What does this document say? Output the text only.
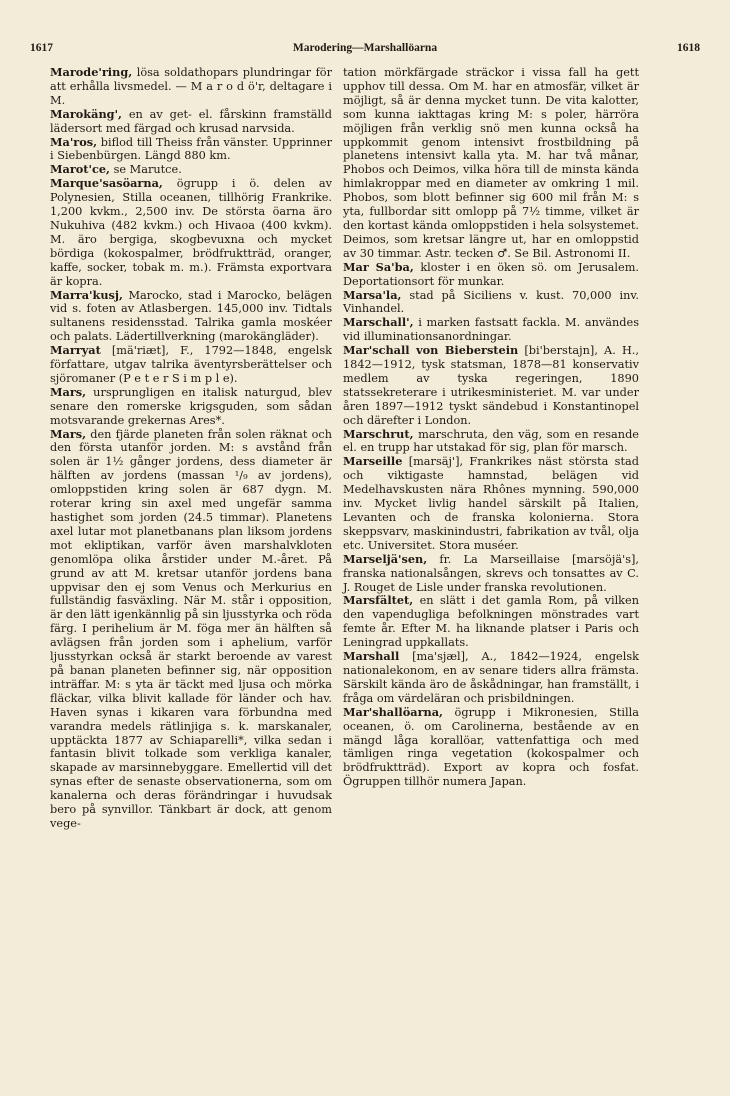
1617	Marodering—Marshallöarna	1618

Marode'ring, lösa soldathopars plundringar för att erhålla livsmedel. — M a r o d ö'r, deltagare i M.

Marokäng', en av get- el. fårskinn framställd lädersort med färgad och krusad narvsida.

Ma'ros, biflod till Theiss från vänster. Upprinner i Siebenbürgen. Längd 880 km.

Marot'ce, se Marutce.

Marque'sasöarna, ögrupp i ö. delen av Polynesien, Stilla oceanen, tillhörig Frankrike. 1,200 kvkm., 2,500 inv. De största öarna äro Nukuhiva (482 kvkm.) och Hivaoa (400 kvkm). M. äro bergiga, skogbevuxna och mycket bördiga (kokospalmer, brödfruktträd, oranger, kaffe, socker, tobak m. m.). Främsta exportvara är kopra.

Marra'kusj, Marocko, stad i Marocko, belägen vid s. foten av Atlasbergen. 145,000 inv. Tidtals sultanens residensstad. Talrika gamla moskéer och palats. Lädertillverkning (marokängläder).

Marryat [mä'riæt], F., 1792—1848, engelsk författare, utgav talrika äventyrsberättelser och sjöromaner (P e t e r S i m p l e).

Mars, ursprungligen en italisk naturgud, blev senare den romerske krigsguden, som sådan motsvarande grekernas Ares*.

Mars, den fjärde planeten från solen räknat och den första utanför jorden. M: s avstånd från solen är 1½ gånger jordens, dess diameter är hälften av jordens (massan ¹/₉ av jordens), omloppstiden kring solen är 687 dygn. M. roterar kring sin axel med ungefär samma hastighet som jorden (24.5 timmar). Planetens axel lutar mot planetbanans plan liksom jordens mot ekliptikan, varför även marshalvkloten genomlöpa olika årstider under M.-året. På grund av att M. kretsar utanför jordens bana uppvisar den ej som Venus och Merkurius en fullständig fasväxling. När M. står i opposition, är den lätt igenkännlig på sin ljusstyrka och röda färg. I perihelium är M. föga mer än hälften så avlägsen från jorden som i aphelium, varför ljusstyrkan också är starkt beroende av varest på banan planeten befinner sig, när opposition inträffar. M: s yta är täckt med ljusa och mörka fläckar, vilka blivit kallade för länder och hav. Haven synas i kikaren vara förbundna med varandra medels rätlinjiga s. k. marskanaler, upptäckta 1877 av Schiaparelli*, vilka sedan i fantasin blivit tolkade som verkliga kanaler, skapade av marsinnebyggare. Emellertid vill det synas efter de senaste observationerna, som om kanalerna och deras förändringar i huvudsak bero på synvillor. Tänkbart är dock, att genom vege-

tation mörkfärgade sträckor i vissa fall ha gett upphov till dessa. Om M. har en atmosfär, vilket är möjligt, så är denna mycket tunn. De vita kalotter, som kunna iakttagas kring M: s poler, härröra möjligen från verklig snö men kunna också ha uppkommit genom intensivt frostbildning på planetens intensivt kalla yta. M. har två månar, Phobos och Deimos, vilka höra till de minsta kända himlakroppar med en diameter av omkring 1 mil. Phobos, som blott befinner sig 600 mil från M: s yta, fullbordar sitt omlopp på 7½ timme, vilket är den kortast kända omloppstiden i hela solsystemet. Deimos, som kretsar längre ut, har en omloppstid av 30 timmar. Astr. tecken ♂. Se Bil. Astronomi II.

Mar Sa'ba, kloster i en öken sö. om Jerusalem. Deportationsort för munkar.

Marsa'la, stad på Siciliens v. kust. 70,000 inv. Vinhandel.

Marschall', i marken fastsatt fackla. M. användes vid illuminationsanordningar.

Mar'schall von Bieberstein [bi'berstajn], A. H., 1842—1912, tysk statsman, 1878—81 konservativ medlem av tyska regeringen, 1890 statssekreterare i utrikesministeriet. M. var under åren 1897—1912 tyskt sändebud i Konstantinopel och därefter i London.

Marschrut, marschruta, den väg, som en resande el. en trupp har utstakad för sig, plan för marsch.

Marseille [marsäj'], Frankrikes näst största stad och viktigaste hamnstad, belägen vid Medelhavskusten nära Rhônes mynning. 590,000 inv. Mycket livlig handel särskilt på Italien, Levanten och de franska kolonierna. Stora skeppsvarv, maskinindustri, fabrikation av tvål, olja etc. Universitet. Stora muséer.

Marseljä'sen, fr. La Marseillaise [marsöjä's], franska nationalsången, skrevs och tonsattes av C. J. Rouget de Lisle under franska revolutionen.

Marsfältet, en slätt i det gamla Rom, på vilken den vapendugliga befolkningen mönstrades vart femte år. Efter M. ha liknande platser i Paris och Leningrad uppkallats.

Marshall [ma'sjæl], A., 1842—1924, engelsk nationalekonom, en av senare tiders allra främsta. Särskilt kända äro de åskådningar, han framställt, i fråga om värdeläran och prisbildningen.

Mar'shallöarna, ögrupp i Mikronesien, Stilla oceanen, ö. om Carolinerna, bestående av en mängd låga korallöar, vattenfattiga och med tämligen ringa vegetation (kokospalmer och brödfruktträd). Export av kopra och fosfat. Ögruppen tillhör numera Japan.
